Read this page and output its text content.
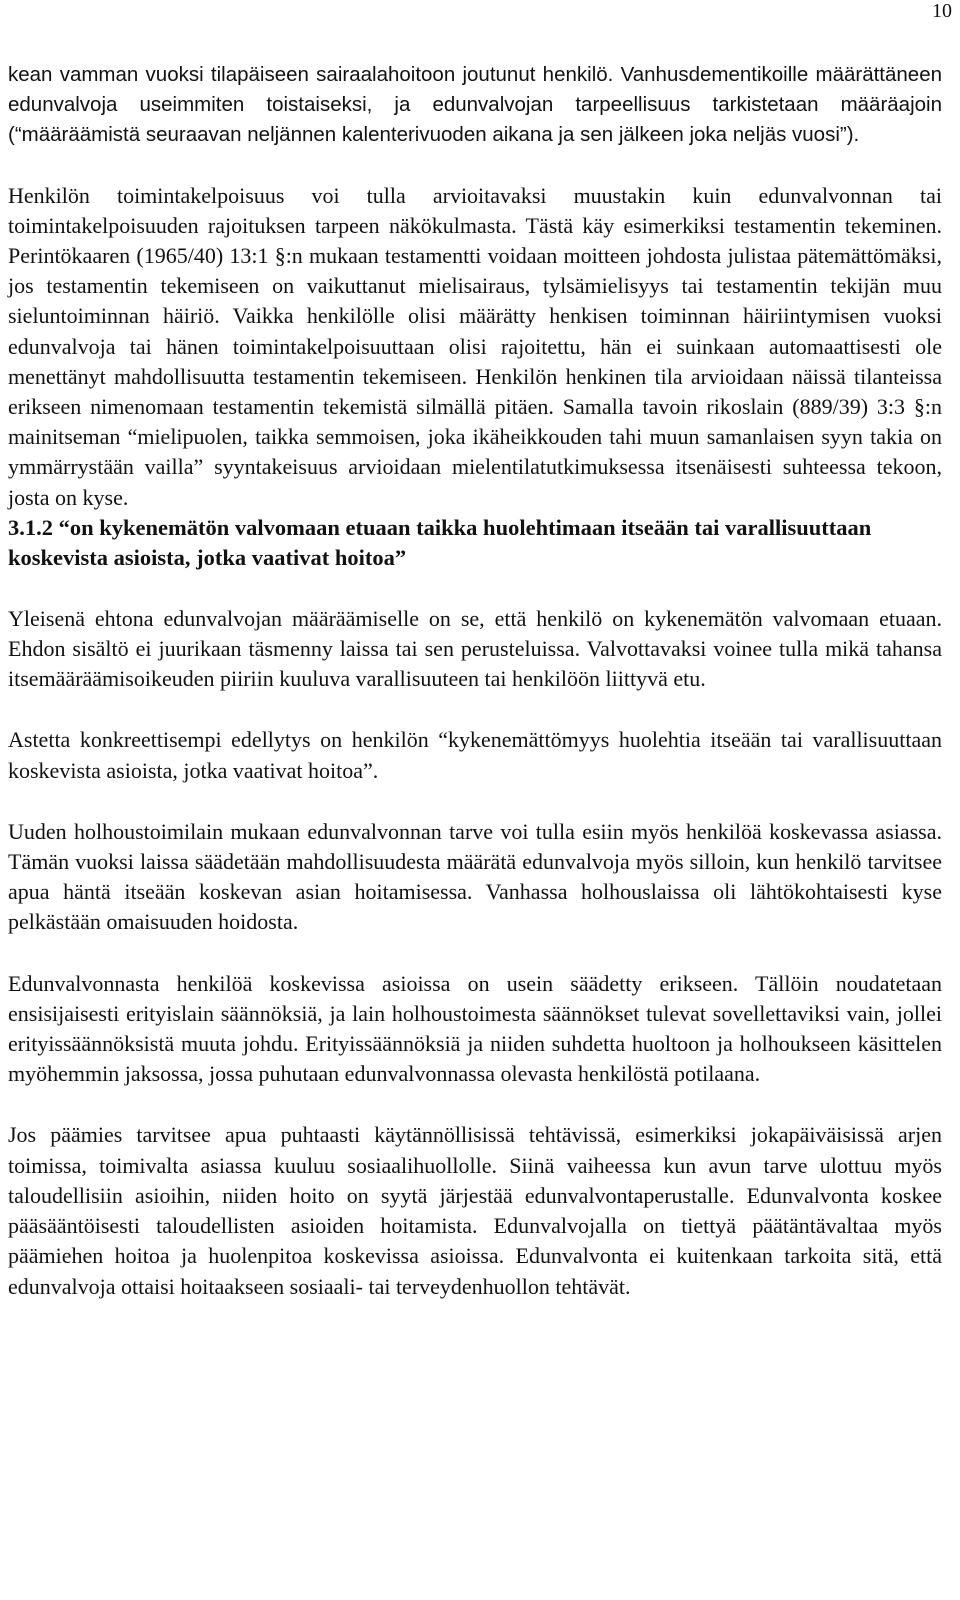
10

kean vamman vuoksi tilapäiseen sairaalahoitoon joutunut henkilö. Vanhusdementikoille määrättäneen edunvalvoja useimmiten toistaiseksi, ja edunvalvojan tarpeellisuus tarkistetaan määräajoin (“määräämistä seuraavan neljännen kalenterivuoden aikana ja sen jälkeen joka neljäs vuosi”).

Henkilön toimintakelpoisuus voi tulla arvioitavaksi muustakin kuin edunvalvonnan tai toimintakelpoisuuden rajoituksen tarpeen näkökulmasta. Tästä käy esimerkiksi testamentin tekeminen. Perintökaaren (1965/40) 13:1 §:n mukaan testamentti voidaan moitteen johdosta julistaa pätemättömäksi, jos testamentin tekemiseen on vaikuttanut mielisairaus, tylsämielisyys tai testamentin tekijän muu sieluntoiminnan häiriö. Vaikka henkilölle olisi määrätty henkisen toiminnan häiriintymisen vuoksi edunvalvoja tai hänen toimintakelpoisuuttaan olisi rajoitettu, hän ei suinkaan automaattisesti ole menettänyt mahdollisuutta testamentin tekemiseen. Henkilön henkinen tila arvioidaan näissä tilanteissa erikseen nimenomaan testamentin tekemistä silmällä pitäen. Samalla tavoin rikoslain (889/39) 3:3 §:n mainitseman “mielipuolen, taikka semmoisen, joka ikäheikkouden tahi muun samanlaisen syyn takia on ymmärrystään vailla” syyntakeisuus arvioidaan mielentilatutkimuksessa itsenäisesti suhteessa tekoon, josta on kyse.

3.1.2 “on kykenemätön valvomaan etuaan taikka huolehtimaan itseään tai varallisuuttaan koskevista asioista, jotka vaativat hoitoa”

Yleisenä ehtona edunvalvojan määräämiselle on se, että henkilö on kykenemätön valvomaan etuaan. Ehdon sisältö ei juurikaan täsmenny laissa tai sen perusteluissa. Valvottavaksi voinee tulla mikä tahansa itsemääräämisoikeuden piiriin kuuluva varallisuuteen tai henkilöön liittyvä etu.

Astetta konkreettisempi edellytys on henkilön “kykenemättömyys huolehtia itseään tai varallisuuttaan koskevista asioista, jotka vaativat hoitoa”.

Uuden holhoustoimilain mukaan edunvalvonnan tarve voi tulla esiin myös henkilöä koskevassa asiassa. Tämän vuoksi laissa säädetään mahdollisuudesta määrätä edunvalvoja myös silloin, kun henkilö tarvitsee apua häntä itseään koskevan asian hoitamisessa. Vanhassa holhouslaissa oli lähtökohtaisesti kyse pelkästään omaisuuden hoidosta.

Edunvalvonnasta henkilöä koskevissa asioissa on usein säädetty erikseen. Tällöin noudatetaan ensisijaisesti erityislain säännöksiä, ja lain holhoustoimesta säännökset tulevat sovellettaviksi vain, jollei erityissäännöksistä muuta johdu. Erityissäännöksiä ja niiden suhdetta huoltoon ja holhoukseen käsittelen myöhemmin jaksossa, jossa puhutaan edunvalvonnassa olevasta henkilöstä potilaana.

Jos päämies tarvitsee apua puhtaasti käytännöllisissä tehtävissä, esimerkiksi jokapäiväisissä arjen toimissa, toimivalta asiassa kuuluu sosiaalihuollolle. Siinä vaiheessa kun avun tarve ulottuu myös taloudellisiin asioihin, niiden hoito on syytä järjestää edunvalvontaperustalle. Edunvalvonta koskee pääsääntöisesti taloudellisten asioiden hoitamista. Edunvalvojalla on tiettyä päätäntävaltaa myös päämiehen hoitoa ja huolenpitoa koskevissa asioissa. Edunvalvonta ei kuitenkaan tarkoita sitä, että edunvalvoja ottaisi hoitaakseen sosiaali- tai terveydenhuollon tehtävät.
